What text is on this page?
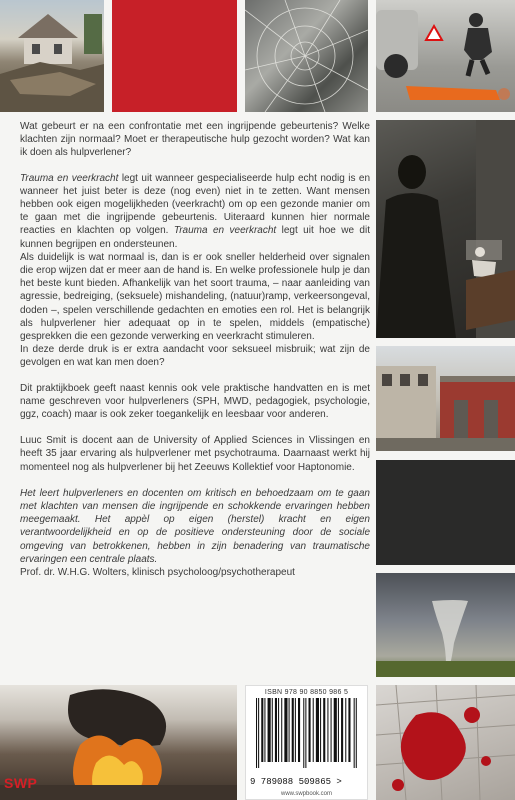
SWP

Wat gebeurt er na een confrontatie met een ingrijpende gebeurtenis? Welke klachten zijn normaal? Moet er therapeutische hulp gezocht worden? Wat kan ik doen als hulpverlener?

Trauma en veerkracht legt uit wanneer gespecialiseerde hulp echt nodig is en wanneer het juist beter is deze (nog even) niet in te zetten. Want mensen hebben ook eigen mogelijkheden (veerkracht) om op een gezonde manier om te gaan met die ingrijpende gebeurtenis. Uiteraard kunnen hier normale reacties en klachten op volgen. Trauma en veerkracht legt uit hoe we dit kunnen begrijpen en ondersteunen.

Als duidelijk is wat normaal is, dan is er ook sneller helderheid over signalen die erop wijzen dat er meer aan de hand is. En welke professionele hulp je dan het beste kunt bieden. Afhankelijk van het soort trauma, – naar aanleiding van agressie, bedreiging, (seksuele) mishandeling, (natuur)ramp, verkeersongeval, doden –, spelen verschillende gedachten en emoties een rol. Het is belangrijk als hulpverlener hier adequaat op in te spelen, middels (empatische) gesprekken die een gezonde verwerking en veerkracht stimuleren.

In deze derde druk is er extra aandacht voor seksueel misbruik; wat zijn de gevolgen en wat kan men doen?

Dit praktijkboek geeft naast kennis ook vele praktische handvatten en is met name geschreven voor hulpverleners (SPH, MWD, pedagogiek, psychologie, ggz, coach) maar is ook zeker toegankelijk en leesbaar voor anderen.

Luuc Smit is docent aan de University of Applied Sciences in Vlissingen en heeft 35 jaar ervaring als hulpverlener met psychotrauma. Daarnaast werkt hij momenteel nog als hulpverlener bij het Zeeuws Kollektief voor Haptonomie.

Het leert hulpverleners en docenten om kritisch en behoedzaam om te gaan met klachten van mensen die ingrijpende en schokkende ervaringen hebben meegemaakt. Het appèl op eigen (herstel) kracht en eigen verantwoordelijkheid en op de positieve ondersteuning door de sociale omgeving van betrokkenen, hebben in zijn benadering van traumatische ervaringen een centrale plaats.

Prof. dr. W.H.G. Wolters, klinisch psycholoog/psychotherapeut

ISBN 978 90 8850 986 5
9 789088 509865 >
www.swpbook.com
